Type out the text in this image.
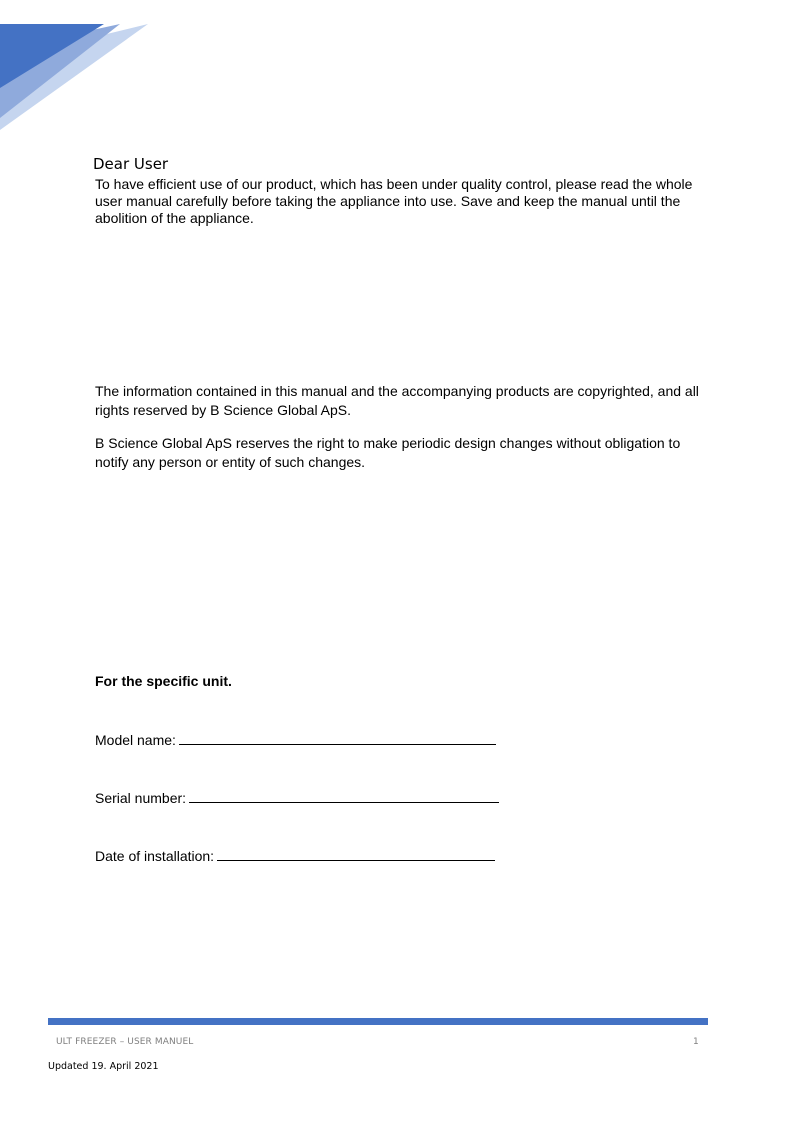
Dear User

To have efficient use of our product, which has been under quality control, please read the whole user manual carefully before taking the appliance into use. Save and keep the manual until the abolition of the appliance.

The information contained in this manual and the accompanying products are copyrighted, and all rights reserved by B Science Global ApS.

B Science Global ApS reserves the right to make periodic design changes without obligation to notify any person or entity of such changes.

For the specific unit.

Model name:

Serial number:

Date of installation:

ULT FREEZER – USER MANUEL	1

Updated 19. April 2021
